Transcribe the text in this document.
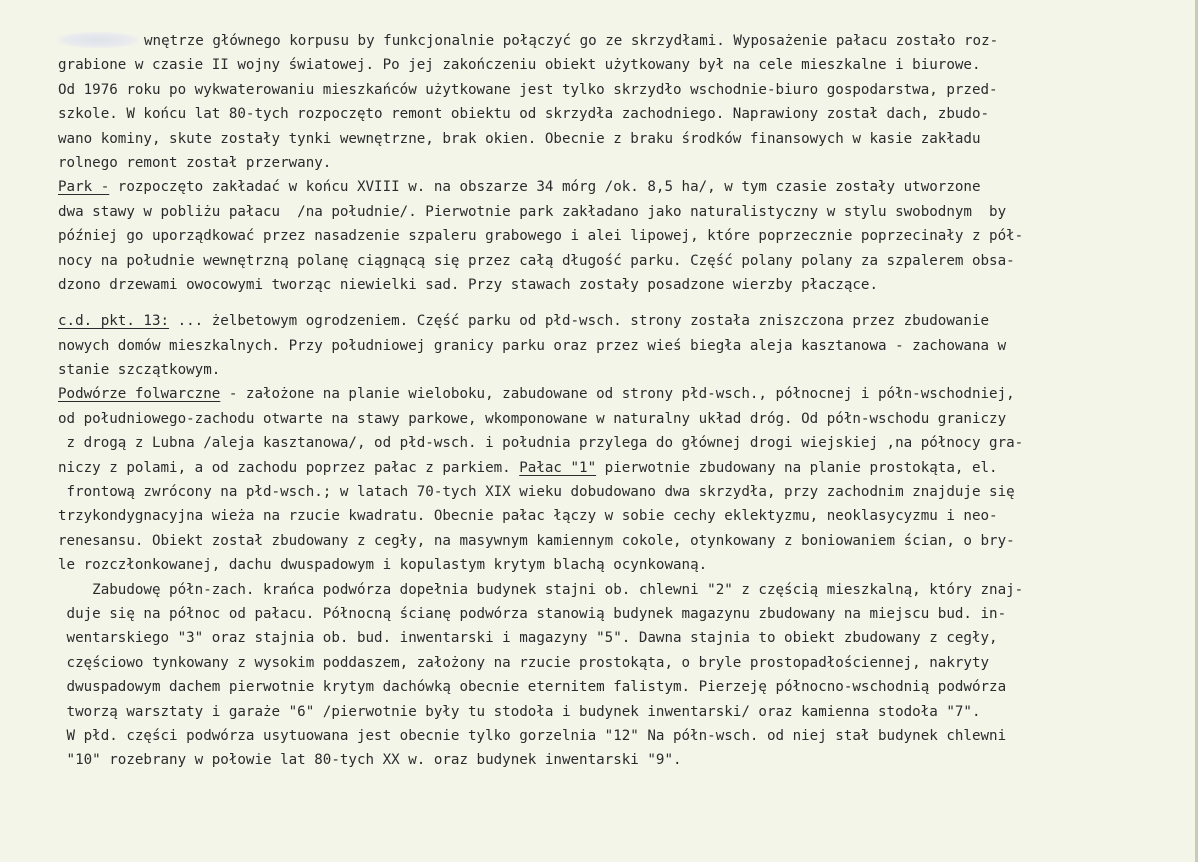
wnętrze głównego korpusu by funkcjonalnie połączyć go ze skrzydłami. Wyposażenie pałacu zostało roz-
grabione w czasie II wojny światowej. Po jej zakończeniu obiekt użytkowany był na cele mieszkalne i biurowe.
Od 1976 roku po wykwaterowaniu mieszkańców użytkowane jest tylko skrzydło wschodnie-biuro gospodarstwa, przed-
szkole. W końcu lat 80-tych rozpoczęto remont obiektu od skrzydła zachodniego. Naprawiony został dach, zbudo-
wano kominy, skute zostały tynki wewnętrzne, brak okien. Obecnie z braku środków finansowych w kasie zakładu
rolnego remont został przerwany.
Park - rozpoczęto zakładać w końcu XVIII w. na obszarze 34 mórg /ok. 8,5 ha/, w tym czasie zostały utworzone
dwa stawy w pobliżu pałacu  /na południe/. Pierwotnie park zakładano jako naturalistyczny w stylu swobodnym  by
później go uporządkować przez nasadzenie szpaleru grabowego i alei lipowej, które poprzecznie poprzecinały z pół-
nocy na południe wewnętrzną polanę ciągnącą się przez całą długość parku. Część polany polany za szpalerem obsa-
dzono drzewami owocowymi tworząc niewielki sad. Przy stawach zostały posadzone wierzby płaczące.
c.d. pkt. 13: ... żelbetowym ogrodzeniem. Część parku od płd-wsch. strony została zniszczona przez zbudowanie
nowych domów mieszkalnych. Przy południowej granicy parku oraz przez wieś biegła aleja kasztanowa - zachowana w
stanie szczątkowym.
Podwórze folwarczne - założone na planie wieloboku, zabudowane od strony płd-wsch., północnej i półn-wschodniej,
od południowego-zachodu otwarte na stawy parkowe, wkomponowane w naturalny układ dróg. Od półn-wschodu graniczy
z drogą z Lubna /aleja kasztanowa/, od płd-wsch. i południa przylega do głównej drogi wiejskiej ,na północy gra-
niczy z polami, a od zachodu poprzez pałac z parkiem. Pałac "1" pierwotnie zbudowany na planie prostokąta, el.
frontową zwrócony na płd-wsch.; w latach 70-tych XIX wieku dobudowano dwa skrzydła, przy zachodnim znajduje się
trzykondygnacyjna wieża na rzucie kwadratu. Obecnie pałac łączy w sobie cechy eklektyzmu, neoklasycyzmu i neo-
renesansu. Obiekt został zbudowany z cegły, na masywnym kamiennym cokole, otynkowany z boniowaniem ścian, o bry-
le rozczłonkowanej, dachu dwuspadowym i kopulastym krytym blachą ocynkowaną.
Zabudowę półn-zach. krańca podwórza dopełnia budynek stajni ob. chlewni "2" z częścią mieszkalną, który znaj-
duje się na północ od pałacu. Północną ścianę podwórza stanowią budynek magazynu zbudowany na miejscu bud. in-
wentarskiego "3" oraz stajnia ob. bud. inwentarski i magazyny "5". Dawna stajnia to obiekt zbudowany z cegły,
częściowo tynkowany z wysokim poddaszem, założony na rzucie prostokąta, o bryle prostopadłościennej, nakryty
dwuspadowym dachem pierwotnie krytym dachówką obecnie eternitem falistym. Pierzeję północno-wschodnią podwórza
tworzą warsztaty i garaże "6" /pierwotnie były tu stodoła i budynek inwentarski/ oraz kamienna stodoła "7".
W płd. części podwórza usytuowana jest obecnie tylko gorzelnia "12" Na półn-wsch. od niej stał budynek chlewni
"10" rozebrany w połowie lat 80-tych XX w. oraz budynek inwentarski "9".
